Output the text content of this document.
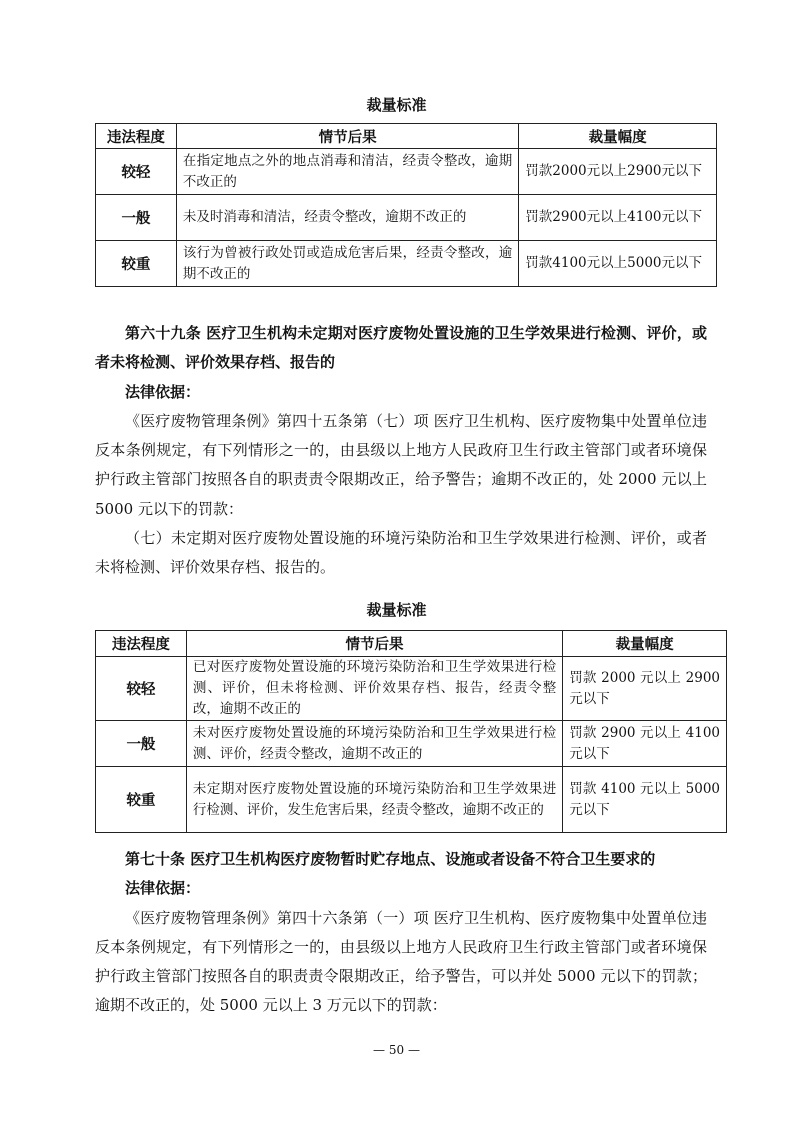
裁量标准
违法程度	情节后果	裁量幅度
较轻	在指定地点之外的地点消毒和清洁，经责令整改，逾期不改正的	罚款2000元以上2900元以下
一般	未及时消毒和清洁，经责令整改，逾期不改正的	罚款2900元以上4100元以下
较重	该行为曾被行政处罚或造成危害后果，经责令整改，逾期不改正的	罚款4100元以上5000元以下

第六十九条 医疗卫生机构未定期对医疗废物处置设施的卫生学效果进行检测、评价，或者未将检测、评价效果存档、报告的

法律依据：

《医疗废物管理条例》第四十五条第（七）项 医疗卫生机构、医疗废物集中处置单位违反本条例规定，有下列情形之一的，由县级以上地方人民政府卫生行政主管部门或者环境保护行政主管部门按照各自的职责责令限期改正，给予警告；逾期不改正的，处 2000 元以上 5000 元以下的罚款：

（七）未定期对医疗废物处置设施的环境污染防治和卫生学效果进行检测、评价，或者未将检测、评价效果存档、报告的。

裁量标准
违法程度	情节后果	裁量幅度
较轻	已对医疗废物处置设施的环境污染防治和卫生学效果进行检测、评价，但未将检测、评价效果存档、报告，经责令整改，逾期不改正的	罚款 2000 元以上 2900 元以下
一般	未对医疗废物处置设施的环境污染防治和卫生学效果进行检测、评价，经责令整改，逾期不改正的	罚款 2900 元以上 4100 元以下
较重	未定期对医疗废物处置设施的环境污染防治和卫生学效果进行检测、评价，发生危害后果，经责令整改，逾期不改正的	罚款 4100 元以上 5000 元以下

第七十条 医疗卫生机构医疗废物暂时贮存地点、设施或者设备不符合卫生要求的

法律依据：

《医疗废物管理条例》第四十六条第（一）项 医疗卫生机构、医疗废物集中处置单位违反本条例规定，有下列情形之一的，由县级以上地方人民政府卫生行政主管部门或者环境保护行政主管部门按照各自的职责责令限期改正，给予警告，可以并处 5000 元以下的罚款；逾期不改正的，处 5000 元以上 3 万元以下的罚款：

— 50 —
